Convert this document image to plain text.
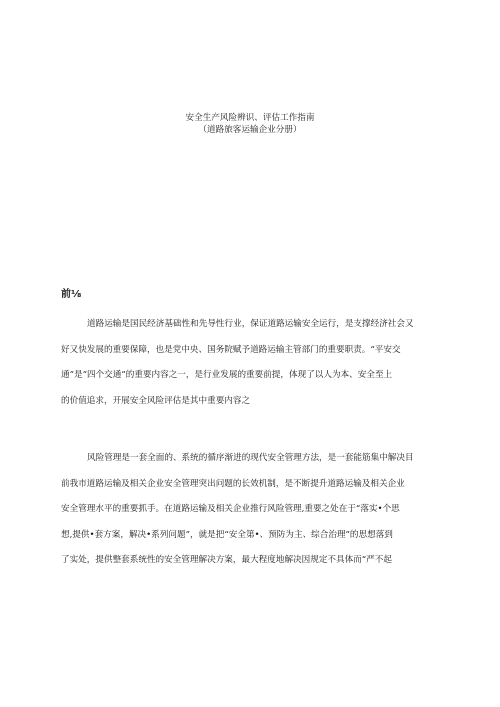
安全生产风险辨识、评估工作指南
（道路旅客运输企业分册）
前⅛
道路运输是国民经济基础性和先导性行业，保证道路运输安全运行，是支撑经济社会又
好又快发展的重要保障，也是党中央、国务院赋予道路运输主管部门的重要职责。“平安交
通”是“四个交通”的重要内容之一，是行业发展的重要前提，体现了以人为本、安全至上
的价值追求，开展安全风险评估是其中重要内容之
风险管理是一套全面的、系统的循序渐进的现代安全管理方法，是一套能筋集中解决目
前我市道路运输及相关企业安全管理突出问题的长效机制，是不断提升道路运输及相关企业
安全管理水平的重要抓手。在道路运输及相关企业推行风险管理,重要之处在于“落实•个思
想,提供•套方案，解决•系列问题”，就是把“安全第•、预防为主、综合治理”的思想落到
了实处，提供整套系统性的安全管理解决方案，最大程度地解决因规定不具体而“严不起
